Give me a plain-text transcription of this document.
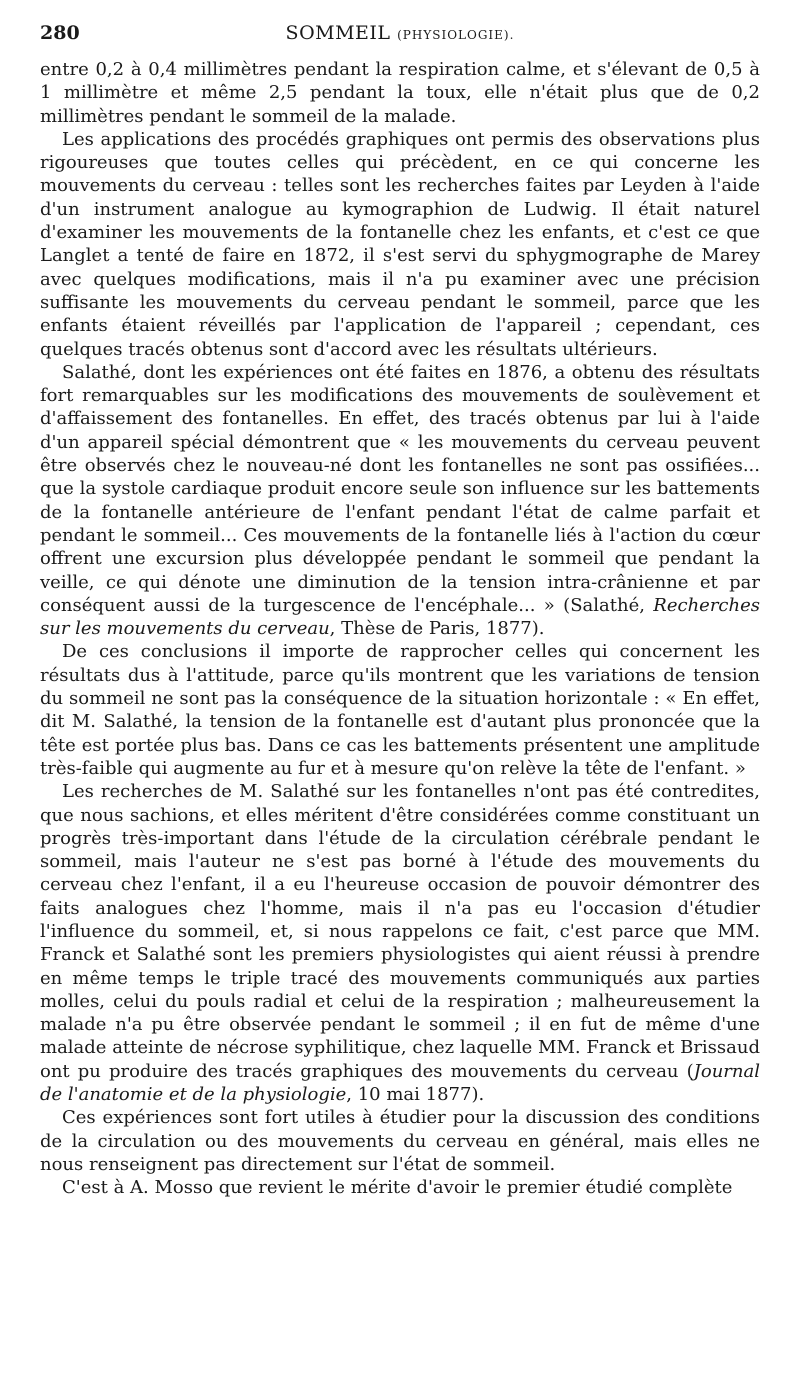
280	SOMMEIL (PHYSIOLOGIE).

entre 0,2 à 0,4 millimètres pendant la respiration calme, et s'élevant de 0,5 à 1 millimètre et même 2,5 pendant la toux, elle n'était plus que de 0,2 millimètres pendant le sommeil de la malade.

Les applications des procédés graphiques ont permis des observations plus rigoureuses que toutes celles qui précèdent, en ce qui concerne les mouvements du cerveau : telles sont les recherches faites par Leyden à l'aide d'un instrument analogue au kymographion de Ludwig. Il était naturel d'examiner les mouvements de la fontanelle chez les enfants, et c'est ce que Langlet a tenté de faire en 1872, il s'est servi du sphygmographe de Marey avec quelques modifications, mais il n'a pu examiner avec une précision suffisante les mouvements du cerveau pendant le sommeil, parce que les enfants étaient réveillés par l'application de l'appareil ; cependant, ces quelques tracés obtenus sont d'accord avec les résultats ultérieurs.

Salathé, dont les expériences ont été faites en 1876, a obtenu des résultats fort remarquables sur les modifications des mouvements de soulèvement et d'affaissement des fontanelles. En effet, des tracés obtenus par lui à l'aide d'un appareil spécial démontrent que « les mouvements du cerveau peuvent être observés chez le nouveau-né dont les fontanelles ne sont pas ossifiées... que la systole cardiaque produit encore seule son influence sur les battements de la fontanelle antérieure de l'enfant pendant l'état de calme parfait et pendant le sommeil... Ces mouvements de la fontanelle liés à l'action du cœur offrent une excursion plus développée pendant le sommeil que pendant la veille, ce qui dénote une diminution de la tension intra-crânienne et par conséquent aussi de la turgescence de l'encéphale... » (Salathé, Recherches sur les mouvements du cerveau, Thèse de Paris, 1877).

De ces conclusions il importe de rapprocher celles qui concernent les résultats dus à l'attitude, parce qu'ils montrent que les variations de tension du sommeil ne sont pas la conséquence de la situation horizontale : « En effet, dit M. Salathé, la tension de la fontanelle est d'autant plus prononcée que la tête est portée plus bas. Dans ce cas les battements présentent une amplitude très-faible qui augmente au fur et à mesure qu'on relève la tête de l'enfant. »

Les recherches de M. Salathé sur les fontanelles n'ont pas été contredites, que nous sachions, et elles méritent d'être considérées comme constituant un progrès très-important dans l'étude de la circulation cérébrale pendant le sommeil, mais l'auteur ne s'est pas borné à l'étude des mouvements du cerveau chez l'enfant, il a eu l'heureuse occasion de pouvoir démontrer des faits analogues chez l'homme, mais il n'a pas eu l'occasion d'étudier l'influence du sommeil, et, si nous rappelons ce fait, c'est parce que MM. Franck et Salathé sont les premiers physiologistes qui aient réussi à prendre en même temps le triple tracé des mouvements communiqués aux parties molles, celui du pouls radial et celui de la respiration ; malheureusement la malade n'a pu être observée pendant le sommeil ; il en fut de même d'une malade atteinte de nécrose syphilitique, chez laquelle MM. Franck et Brissaud ont pu produire des tracés graphiques des mouvements du cerveau (Journal de l'anatomie et de la physiologie, 10 mai 1877).

Ces expériences sont fort utiles à étudier pour la discussion des conditions de la circulation ou des mouvements du cerveau en général, mais elles ne nous renseignent pas directement sur l'état de sommeil.

C'est à A. Mosso que revient le mérite d'avoir le premier étudié complète
